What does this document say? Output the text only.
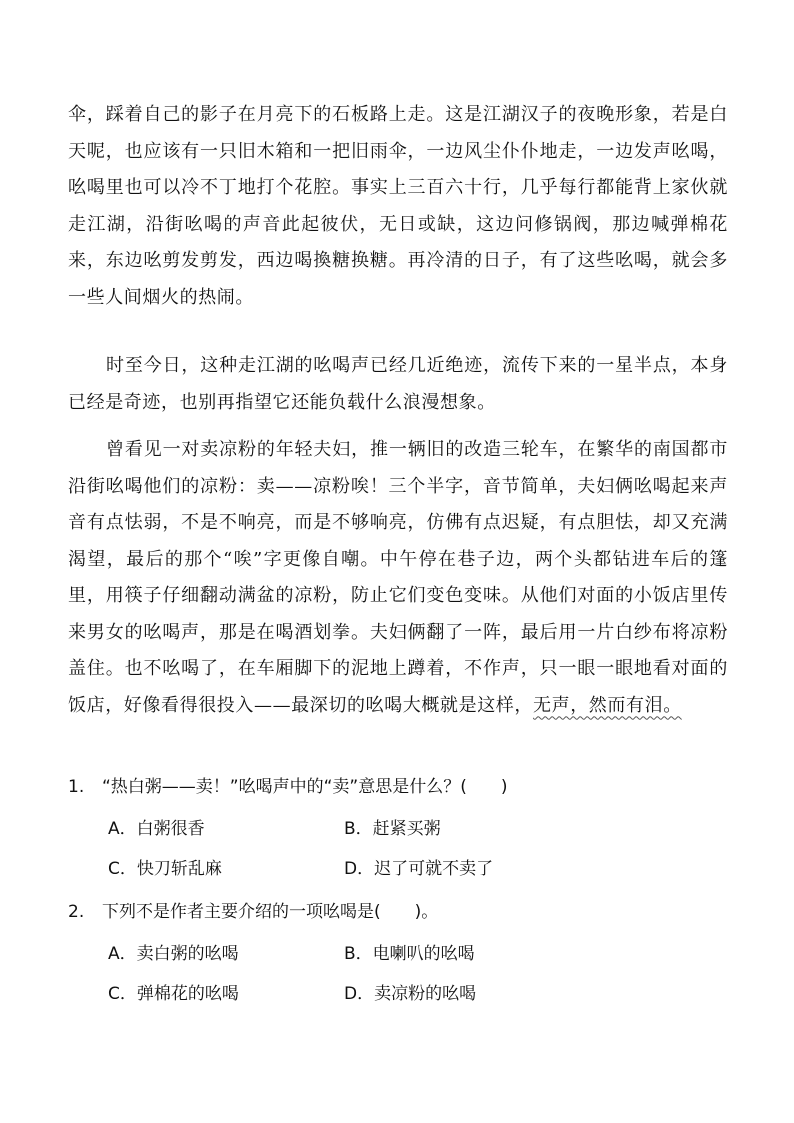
伞，踩着自己的影子在月亮下的石板路上走。这是江湖汉子的夜晚形象，若是白天呢，也应该有一只旧木箱和一把旧雨伞，一边风尘仆仆地走，一边发声吆喝，吆喝里也可以冷不丁地打个花腔。事实上三百六十行，几乎每行都能背上家伙就走江湖，沿街吆喝的声音此起彼伏，无日或缺，这边问修锅阀，那边喊弹棉花来，东边吆剪发剪发，西边喝換糖换糖。再冷清的日子，有了这些吆喝，就会多一些人间烟火的热闹。

时至今日，这种走江湖的吆喝声已经几近绝迹，流传下来的一星半点，本身已经是奇迹，也别再指望它还能负载什么浪漫想象。

曾看见一对卖凉粉的年轻夫妇，推一辆旧的改造三轮车，在繁华的南国都市沿街吆喝他们的凉粉：卖——凉粉唉！三个半字，音节简单，夫妇俩吆喝起来声音有点怯弱，不是不响亮，而是不够响亮，仿佛有点迟疑，有点胆怯，却又充满渴望，最后的那个“唉”字更像自嘲。中午停在巷子边，两个头都钻进车后的篷里，用筷子仔细翻动满盆的凉粉，防止它们变色变味。从他们对面的小饭店里传来男女的吆喝声，那是在喝酒划拳。夫妇俩翻了一阵，最后用一片白纱布将凉粉盖住。也不吆喝了，在车厢脚下的泥地上蹲着，不作声，只一眼一眼地看对面的饭店，好像看得很投入——最深切的吆喝大概就是这样，无声，然而有泪。

1. “热白粥——卖！”吆喝声中的“卖”意思是什么？(　　)
A．白粥很香	B．赶紧买粥
C．快刀斩乱麻	D．迟了可就不卖了
2. 下列不是作者主要介绍的一项吆喝是(　　)。
A．卖白粥的吆喝	B．电喇叭的吆喝
C．弹棉花的吆喝	D．卖凉粉的吆喝
